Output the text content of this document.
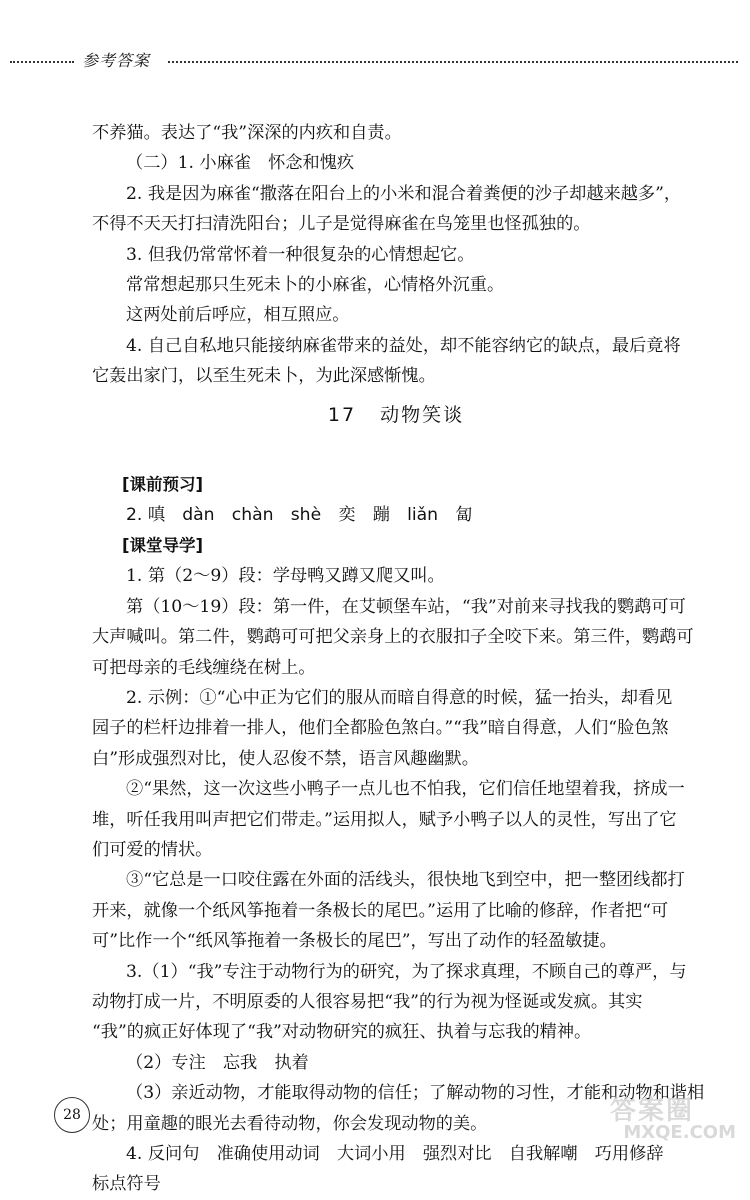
参考答案

不养猫。表达了“我”深深的内疚和自责。

（二）1. 小麻雀　怀念和愧疚

2. 我是因为麻雀“撒落在阳台上的小米和混合着粪便的沙子却越来越多”，

不得不天天打扫清洗阳台；儿子是觉得麻雀在鸟笼里也怪孤独的。

3. 但我仍常常怀着一种很复杂的心情想起它。

常常想起那只生死未卜的小麻雀，心情格外沉重。

这两处前后呼应，相互照应。

4. 自己自私地只能接纳麻雀带来的益处，却不能容纳它的缺点，最后竟将

它轰出家门，以至生死未卜，为此深感惭愧。

17 动物笑谈

[课前预习]

2. 嗔　dàn　chàn　shè　奕　蹦　liǎn　匐

[课堂导学]

1. 第（2～9）段：学母鸭又蹲又爬又叫。

第（10～19）段：第一件，在艾顿堡车站，“我”对前来寻找我的鹦鹉可可

大声喊叫。第二件，鹦鹉可可把父亲身上的衣服扣子全咬下来。第三件，鹦鹉可

可把母亲的毛线缠绕在树上。

2. 示例：①“心中正为它们的服从而暗自得意的时候，猛一抬头，却看见

园子的栏杆边排着一排人，他们全都脸色煞白。”“我”暗自得意，人们“脸色煞

白”形成强烈对比，使人忍俊不禁，语言风趣幽默。

②“果然，这一次这些小鸭子一点儿也不怕我，它们信任地望着我，挤成一

堆，听任我用叫声把它们带走。”运用拟人，赋予小鸭子以人的灵性，写出了它

们可爱的情状。

③“它总是一口咬住露在外面的活线头，很快地飞到空中，把一整团线都打

开来，就像一个纸风筝拖着一条极长的尾巴。”运用了比喻的修辞，作者把“可

可”比作一个“纸风筝拖着一条极长的尾巴”，写出了动作的轻盈敏捷。

3.（1）“我”专注于动物行为的研究，为了探求真理，不顾自己的尊严，与

动物打成一片，不明原委的人很容易把“我”的行为视为怪诞或发疯。其实

“我”的疯正好体现了“我”对动物研究的疯狂、执着与忘我的精神。

（2）专注　忘我　执着

（3）亲近动物，才能取得动物的信任；了解动物的习性，才能和动物和谐相

处；用童趣的眼光去看待动物，你会发现动物的美。

4. 反问句　准确使用动词　大词小用　强烈对比　自我解嘲　巧用修辞

标点符号

28	答案圈
MXQE.COM
